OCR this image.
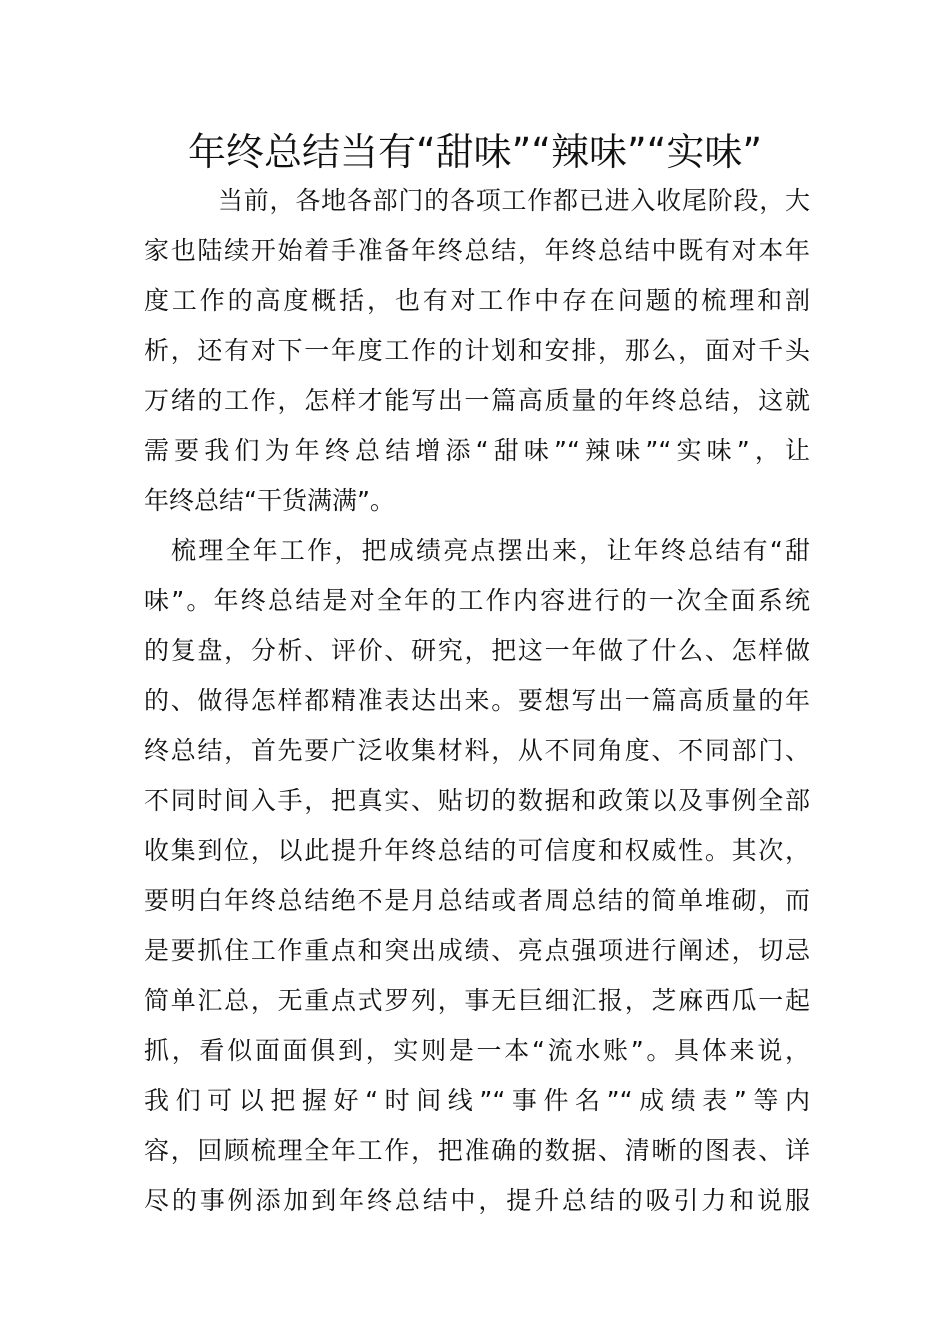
年终总结当有“甜味”“辣味”“实味”
当前，各地各部门的各项工作都已进入收尾阶段，大
家也陆续开始着手准备年终总结，年终总结中既有对本年
度工作的高度概括，也有对工作中存在问题的梳理和剖
析，还有对下一年度工作的计划和安排，那么，面对千头
万绪的工作，怎样才能写出一篇高质量的年终总结，这就
需要我们为年终总结增添“甜味”“辣味”“实味”，让
年终总结“干货满满”。
梳理全年工作，把成绩亮点摆出来，让年终总结有“甜
味”。年终总结是对全年的工作内容进行的一次全面系统
的复盘，分析、评价、研究，把这一年做了什么、怎样做
的、做得怎样都精准表达出来。要想写出一篇高质量的年
终总结，首先要广泛收集材料，从不同角度、不同部门、
不同时间入手，把真实、贴切的数据和政策以及事例全部
收集到位，以此提升年终总结的可信度和权威性。其次，
要明白年终总结绝不是月总结或者周总结的简单堆砌，而
是要抓住工作重点和突出成绩、亮点强项进行阐述，切忌
简单汇总，无重点式罗列，事无巨细汇报，芝麻西瓜一起
抓，看似面面俱到，实则是一本“流水账”。具体来说，
我们可以把握好“时间线”“事件名”“成绩表”等内
容，回顾梳理全年工作，把准确的数据、清晰的图表、详
尽的事例添加到年终总结中，提升总结的吸引力和说服
